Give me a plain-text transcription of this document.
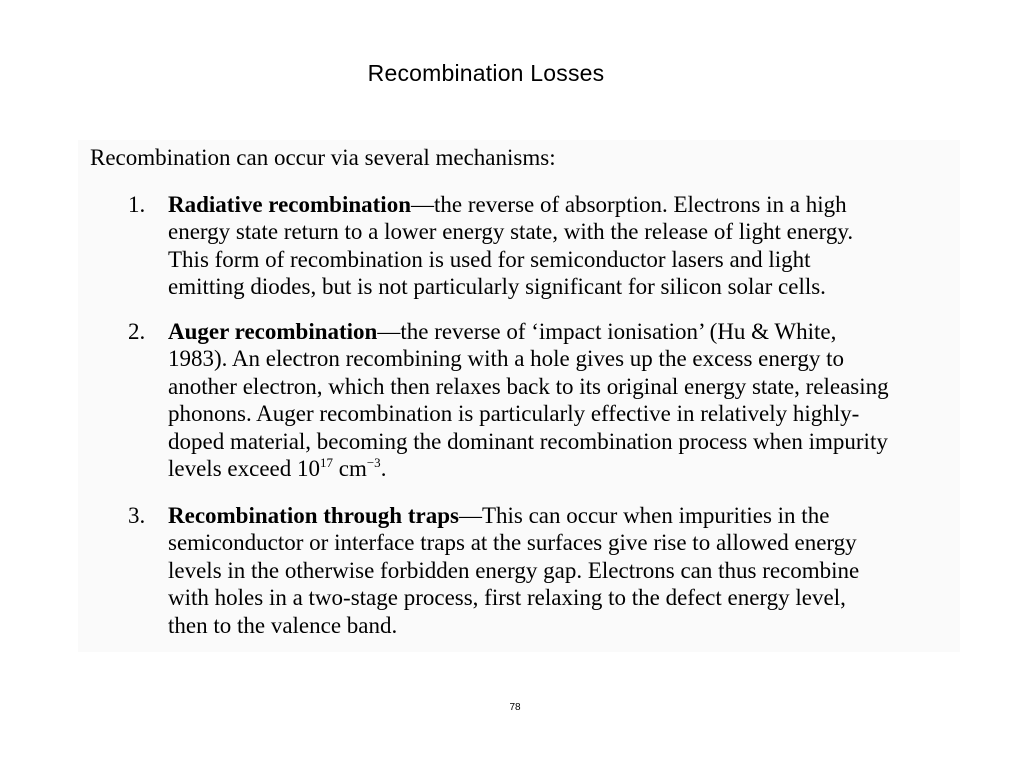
Recombination Losses
Recombination can occur via several mechanisms:
1. Radiative recombination—the reverse of absorption. Electrons in a high
energy state return to a lower energy state, with the release of light energy.
This form of recombination is used for semiconductor lasers and light
emitting diodes, but is not particularly significant for silicon solar cells.
2. Auger recombination—the reverse of ‘impact ionisation’ (Hu & White,
1983). An electron recombining with a hole gives up the excess energy to
another electron, which then relaxes back to its original energy state, releasing
phonons. Auger recombination is particularly effective in relatively highly-
doped material, becoming the dominant recombination process when impurity
levels exceed $10^{17}$ $cm^{-3}$.
3. Recombination through traps—This can occur when impurities in the
semiconductor or interface traps at the surfaces give rise to allowed energy
levels in the otherwise forbidden energy gap. Electrons can thus recombine
with holes in a two-stage process, first relaxing to the defect energy level,
then to the valence band.
78
